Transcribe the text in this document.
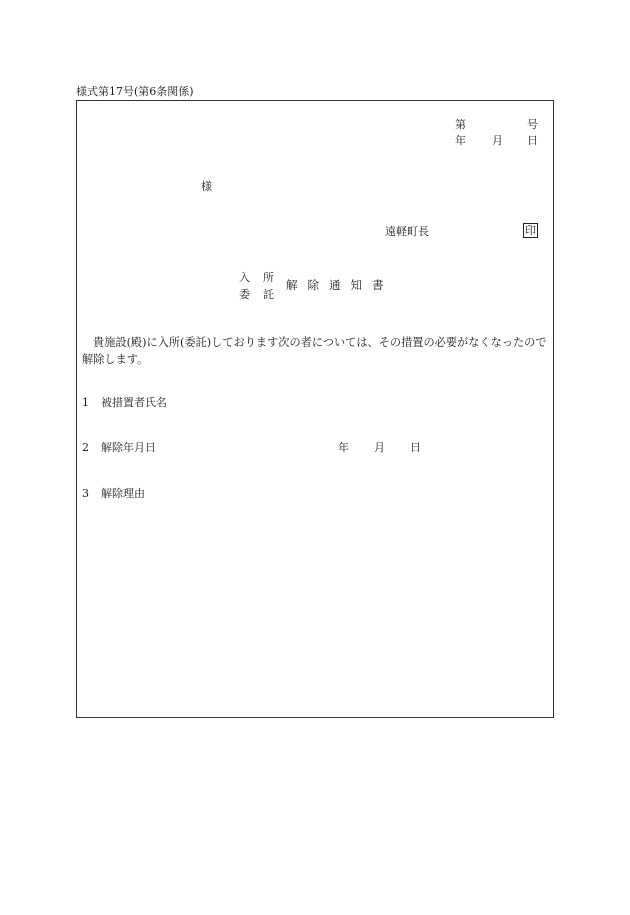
様式第17号(第6条関係)
第	号
年 月 日
様
遠軽町長	印
入 所
委 託
解除通知書
貴施設(殿)に入所(委託)しております次の者については、その措置の必要がなくなったので解除します。
1 被措置者氏名
2 解除年月日	年 月 日
3 解除理由
